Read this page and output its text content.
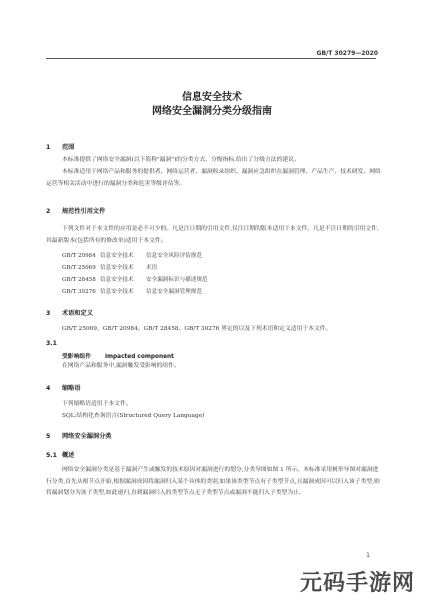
GB/T 30279—2020
信息安全技术
网络安全漏洞分类分级指南
1 范围

本标准提供了网络安全漏洞(以下简称"漏洞")的分类方式、分级指标,给出了分级方法的建议。

本标准适用于网络产品和服务的提供者、网络运营者、漏洞收录组织、漏洞应急组织在漏洞管理、产品生产、技术研发、网络运营等相关活动中进行的漏洞分类和危害等级评估等。

2 规范性引用文件

下列文件对于本文件的应用是必不可少的。凡是注日期的引用文件,仅注日期的版本适用于本文件。凡是不注日期的引用文件,其最新版本(包括所有的修改单)适用于本文件。

GB/T 20984 信息安全技术 信息安全风险评估规范
GB/T 25069 信息安全技术 术语
GB/T 28458 信息安全技术 安全漏洞标识与描述规范
GB/T 30276 信息安全技术 信息安全漏洞管理规范
3 术语和定义

GB/T 25069、GB/T 20984、GB/T 28458、GB/T 30276 界定的以及下列术语和定义适用于本文件。

3.1
受影响组件 impacted component

在网络产品和服务中,漏洞触发受影响的组件。

4 缩略语

下列缩略语适用于本文件。

SQL:结构化查询语言(Structured Query Language)

5 网络安全漏洞分类
5.1 概述

网络安全漏洞分类是基于漏洞产生或触发的技术原因对漏洞进行的划分,分类导图如图 1 所示。本标准采用树形导图对漏洞进行分类,首先从根节点开始,根据漏洞成因将漏洞归入某个具体的类别,如果该类型节点有子类型节点,且漏洞成因可以归入该子类型,则将漏洞划分为该子类型,如此递归,直到漏洞归入的类型节点无子类型节点或漏洞不能归入子类型为止。

1
元码手游网
